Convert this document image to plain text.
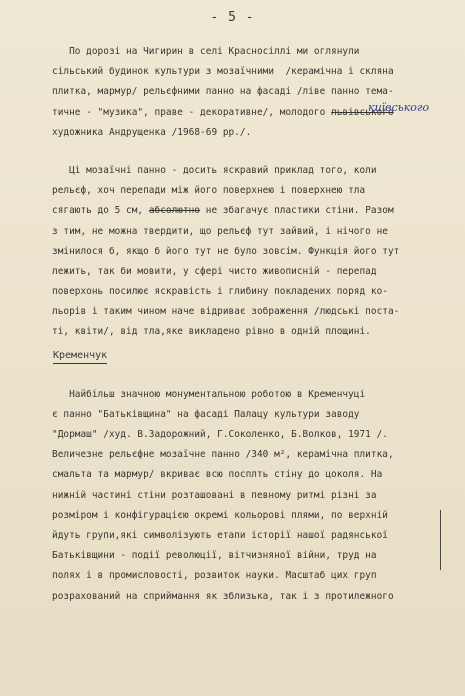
- 5 -
По дорозі на Чигирин в селі Красносіллі ми оглянули
сільський будинок культури з мозаїчними  /керамічна і скляна
плитка, мармур/ рельєфними панно на фасаді /ліве панно тема-
тичне - "музика", праве - декоративне/, молодого львівського
художника Андрущенка /1968-69 рр./.
Ці мозаїчні панно - досить яскравий приклад того, коли
рельєф, хоч перепади між його поверхнею і поверхнею тла
сягають до 5 см, абсолютно не збагачує пластики стіни. Разом
з тим, не можна твердити, що рельєф тут зайвий, і нічого не
змінилося б, якщо б його тут не було зовсім. Функція його тут
лежить, так би мовити, у сфері чисто живописній - перепад
поверхонь посилює яскравість і глибину покладених поряд ко-
льорів і таким чином наче відриває зображення /людські поста-
ті, квіти/, від тла,яке викладено рівно в одній площині.
Кременчук
Найбільш значною монументальною роботою в Кременчуці
є панно "Батьківщина" на фасаді Палацу культури заводу
"Дормаш" /худ. В.Задорожний, Г.Соколенко, Б.Волков, 1971 /.
Величезне рельєфне мозаїчне панно /340 м², керамічна плитка,
смальта та мармур/ вкриває всю посплть стіну до цоколя. На
нижній частині стіни розташовані в певному ритмі різні за
розміром і конфігурацією окремі кольорові плями, по верхній
йдуть групи,які символізують етапи історії нашої радянської
Батьківщини - події революції, вітчизняної війни, труд на
полях і в промисловості, розвиток науки. Масштаб цих груп
розрахований на сприймання як зблизька, так і з протилежного
київського
